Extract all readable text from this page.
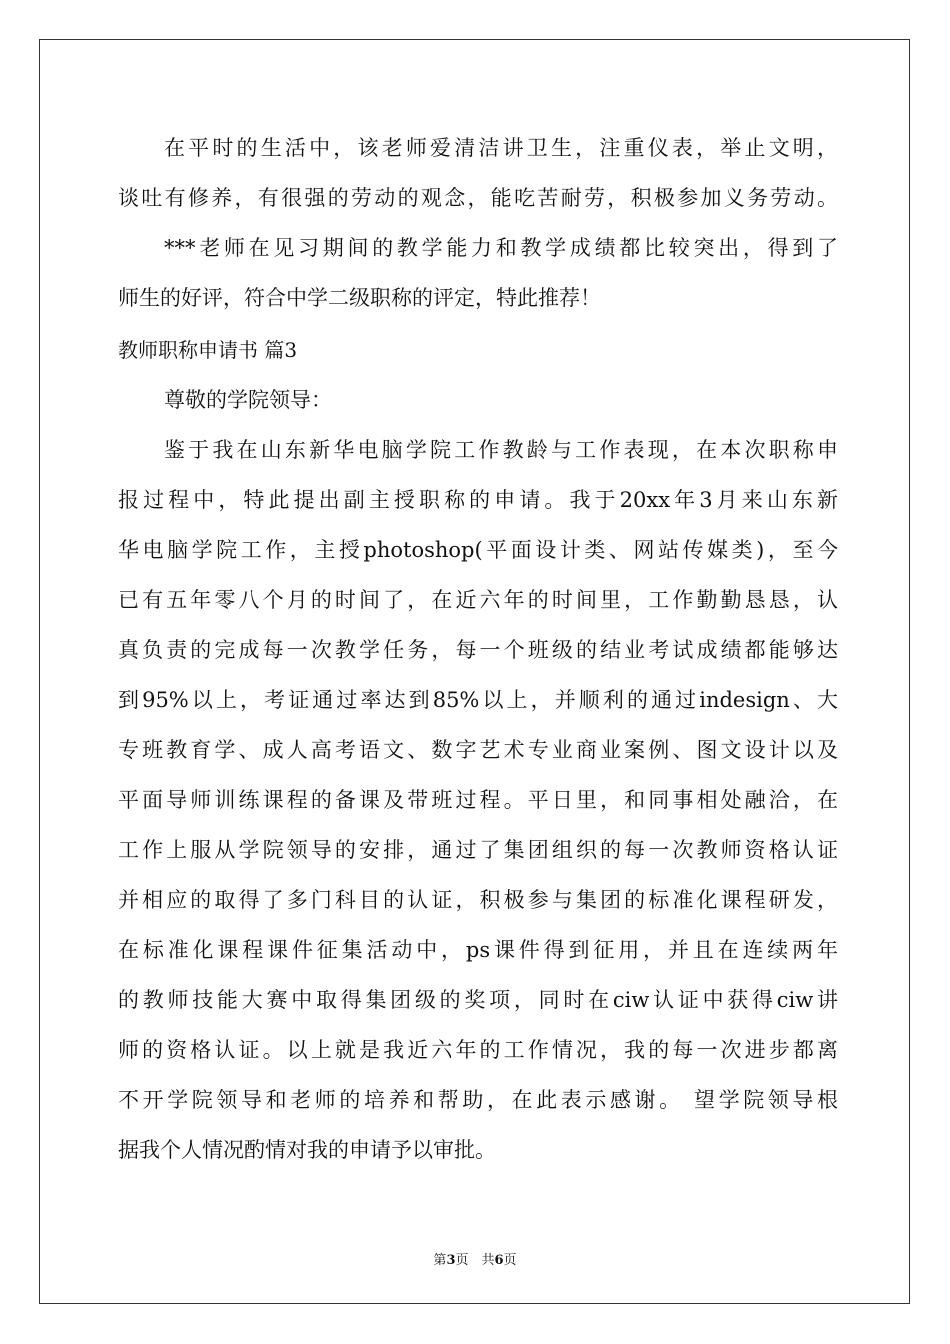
在平时的生活中，该老师爱清洁讲卫生，注重仪表，举止文明，
谈吐有修养，有很强的劳动的观念，能吃苦耐劳，积极参加义务劳动。
***老师在见习期间的教学能力和教学成绩都比较突出，得到了
师生的好评，符合中学二级职称的评定，特此推荐！
教师职称申请书 篇3
尊敬的学院领导：
鉴于我在山东新华电脑学院工作教龄与工作表现，在本次职称申
报过程中，特此提出副主授职称的申请。我于20xx年3月来山东新
华电脑学院工作，主授photoshop(平面设计类、网站传媒类)，至今
已有五年零八个月的时间了，在近六年的时间里，工作勤勤恳恳，认
真负责的完成每一次教学任务，每一个班级的结业考试成绩都能够达
到95%以上，考证通过率达到85%以上，并顺利的通过indesign、大
专班教育学、成人高考语文、数字艺术专业商业案例、图文设计以及
平面导师训练课程的备课及带班过程。平日里，和同事相处融洽，在
工作上服从学院领导的安排，通过了集团组织的每一次教师资格认证
并相应的取得了多门科目的认证，积极参与集团的标准化课程研发，
在标准化课程课件征集活动中，ps课件得到征用，并且在连续两年
的教师技能大赛中取得集团级的奖项，同时在ciw认证中获得ciw讲
师的资格认证。以上就是我近六年的工作情况，我的每一次进步都离
不开学院领导和老师的培养和帮助，在此表示感谢。 望学院领导根
据我个人情况酌情对我的申请予以审批。
第3页　共6页
